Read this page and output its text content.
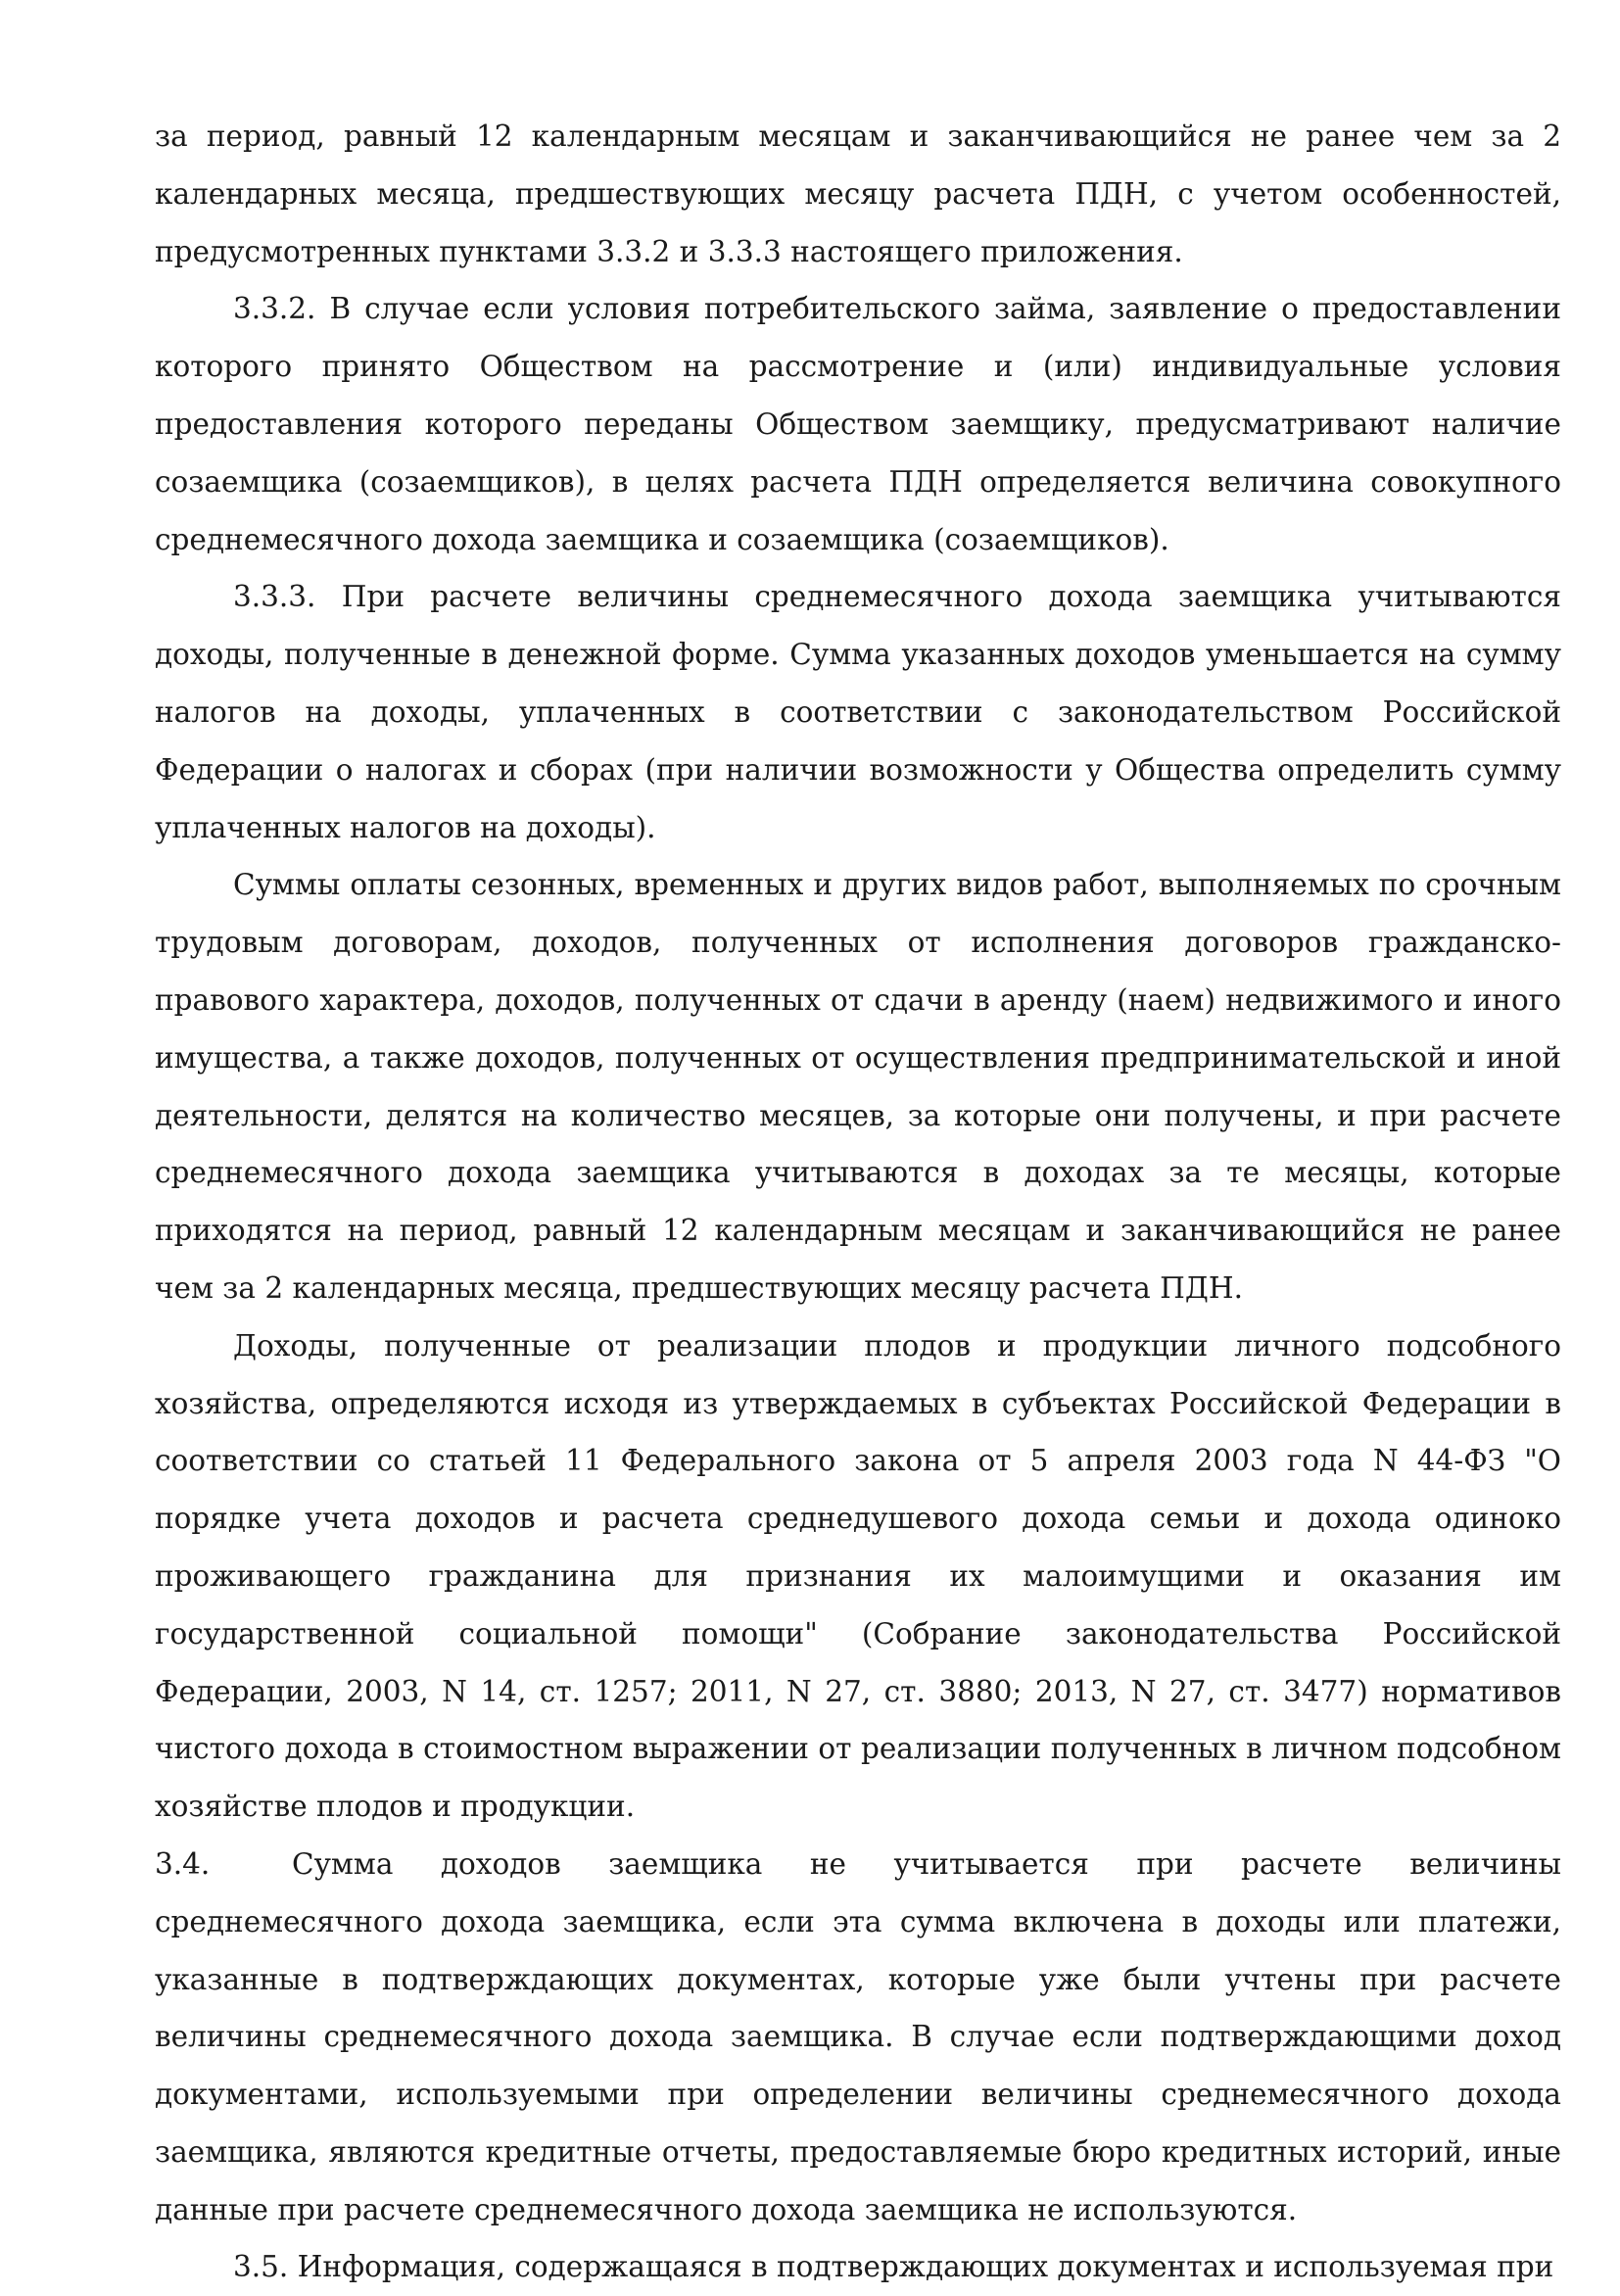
за период, равный 12 календарным месяцам и заканчивающийся не ранее чем за 2 календарных месяца, предшествующих месяцу расчета ПДН, с учетом особенностей, предусмотренных пунктами 3.3.2 и 3.3.3 настоящего приложения.

3.3.2. В случае если условия потребительского займа, заявление о предоставлении которого принято Обществом на рассмотрение и (или) индивидуальные условия предоставления которого переданы Обществом заемщику, предусматривают наличие созаемщика (созаемщиков), в целях расчета ПДН определяется величина совокупного среднемесячного дохода заемщика и созаемщика (созаемщиков).

3.3.3. При расчете величины среднемесячного дохода заемщика учитываются доходы, полученные в денежной форме. Сумма указанных доходов уменьшается на сумму налогов на доходы, уплаченных в соответствии с законодательством Российской Федерации о налогах и сборах (при наличии возможности у Общества определить сумму уплаченных налогов на доходы).

Суммы оплаты сезонных, временных и других видов работ, выполняемых по срочным трудовым договорам, доходов, полученных от исполнения договоров гражданско-правового характера, доходов, полученных от сдачи в аренду (наем) недвижимого и иного имущества, а также доходов, полученных от осуществления предпринимательской и иной деятельности, делятся на количество месяцев, за которые они получены, и при расчете среднемесячного дохода заемщика учитываются в доходах за те месяцы, которые приходятся на период, равный 12 календарным месяцам и заканчивающийся не ранее чем за 2 календарных месяца, предшествующих месяцу расчета ПДН.

Доходы, полученные от реализации плодов и продукции личного подсобного хозяйства, определяются исходя из утверждаемых в субъектах Российской Федерации в соответствии со статьей 11 Федерального закона от 5 апреля 2003 года N 44-ФЗ "О порядке учета доходов и расчета среднедушевого дохода семьи и дохода одиноко проживающего гражданина для признания их малоимущими и оказания им государственной социальной помощи" (Собрание законодательства Российской Федерации, 2003, N 14, ст. 1257; 2011, N 27, ст. 3880; 2013, N 27, ст. 3477) нормативов чистого дохода в стоимостном выражении от реализации полученных в личном подсобном хозяйстве плодов и продукции.

3.4.	Сумма доходов заемщика не учитывается при расчете величины среднемесячного дохода заемщика, если эта сумма включена в доходы или платежи, указанные в подтверждающих документах, которые уже были учтены при расчете величины среднемесячного дохода заемщика. В случае если подтверждающими доход документами, используемыми при определении величины среднемесячного дохода заемщика, являются кредитные отчеты, предоставляемые бюро кредитных историй, иные данные при расчете среднемесячного дохода заемщика не используются.

3.5. Информация, содержащаяся в подтверждающих документах и используемая при
